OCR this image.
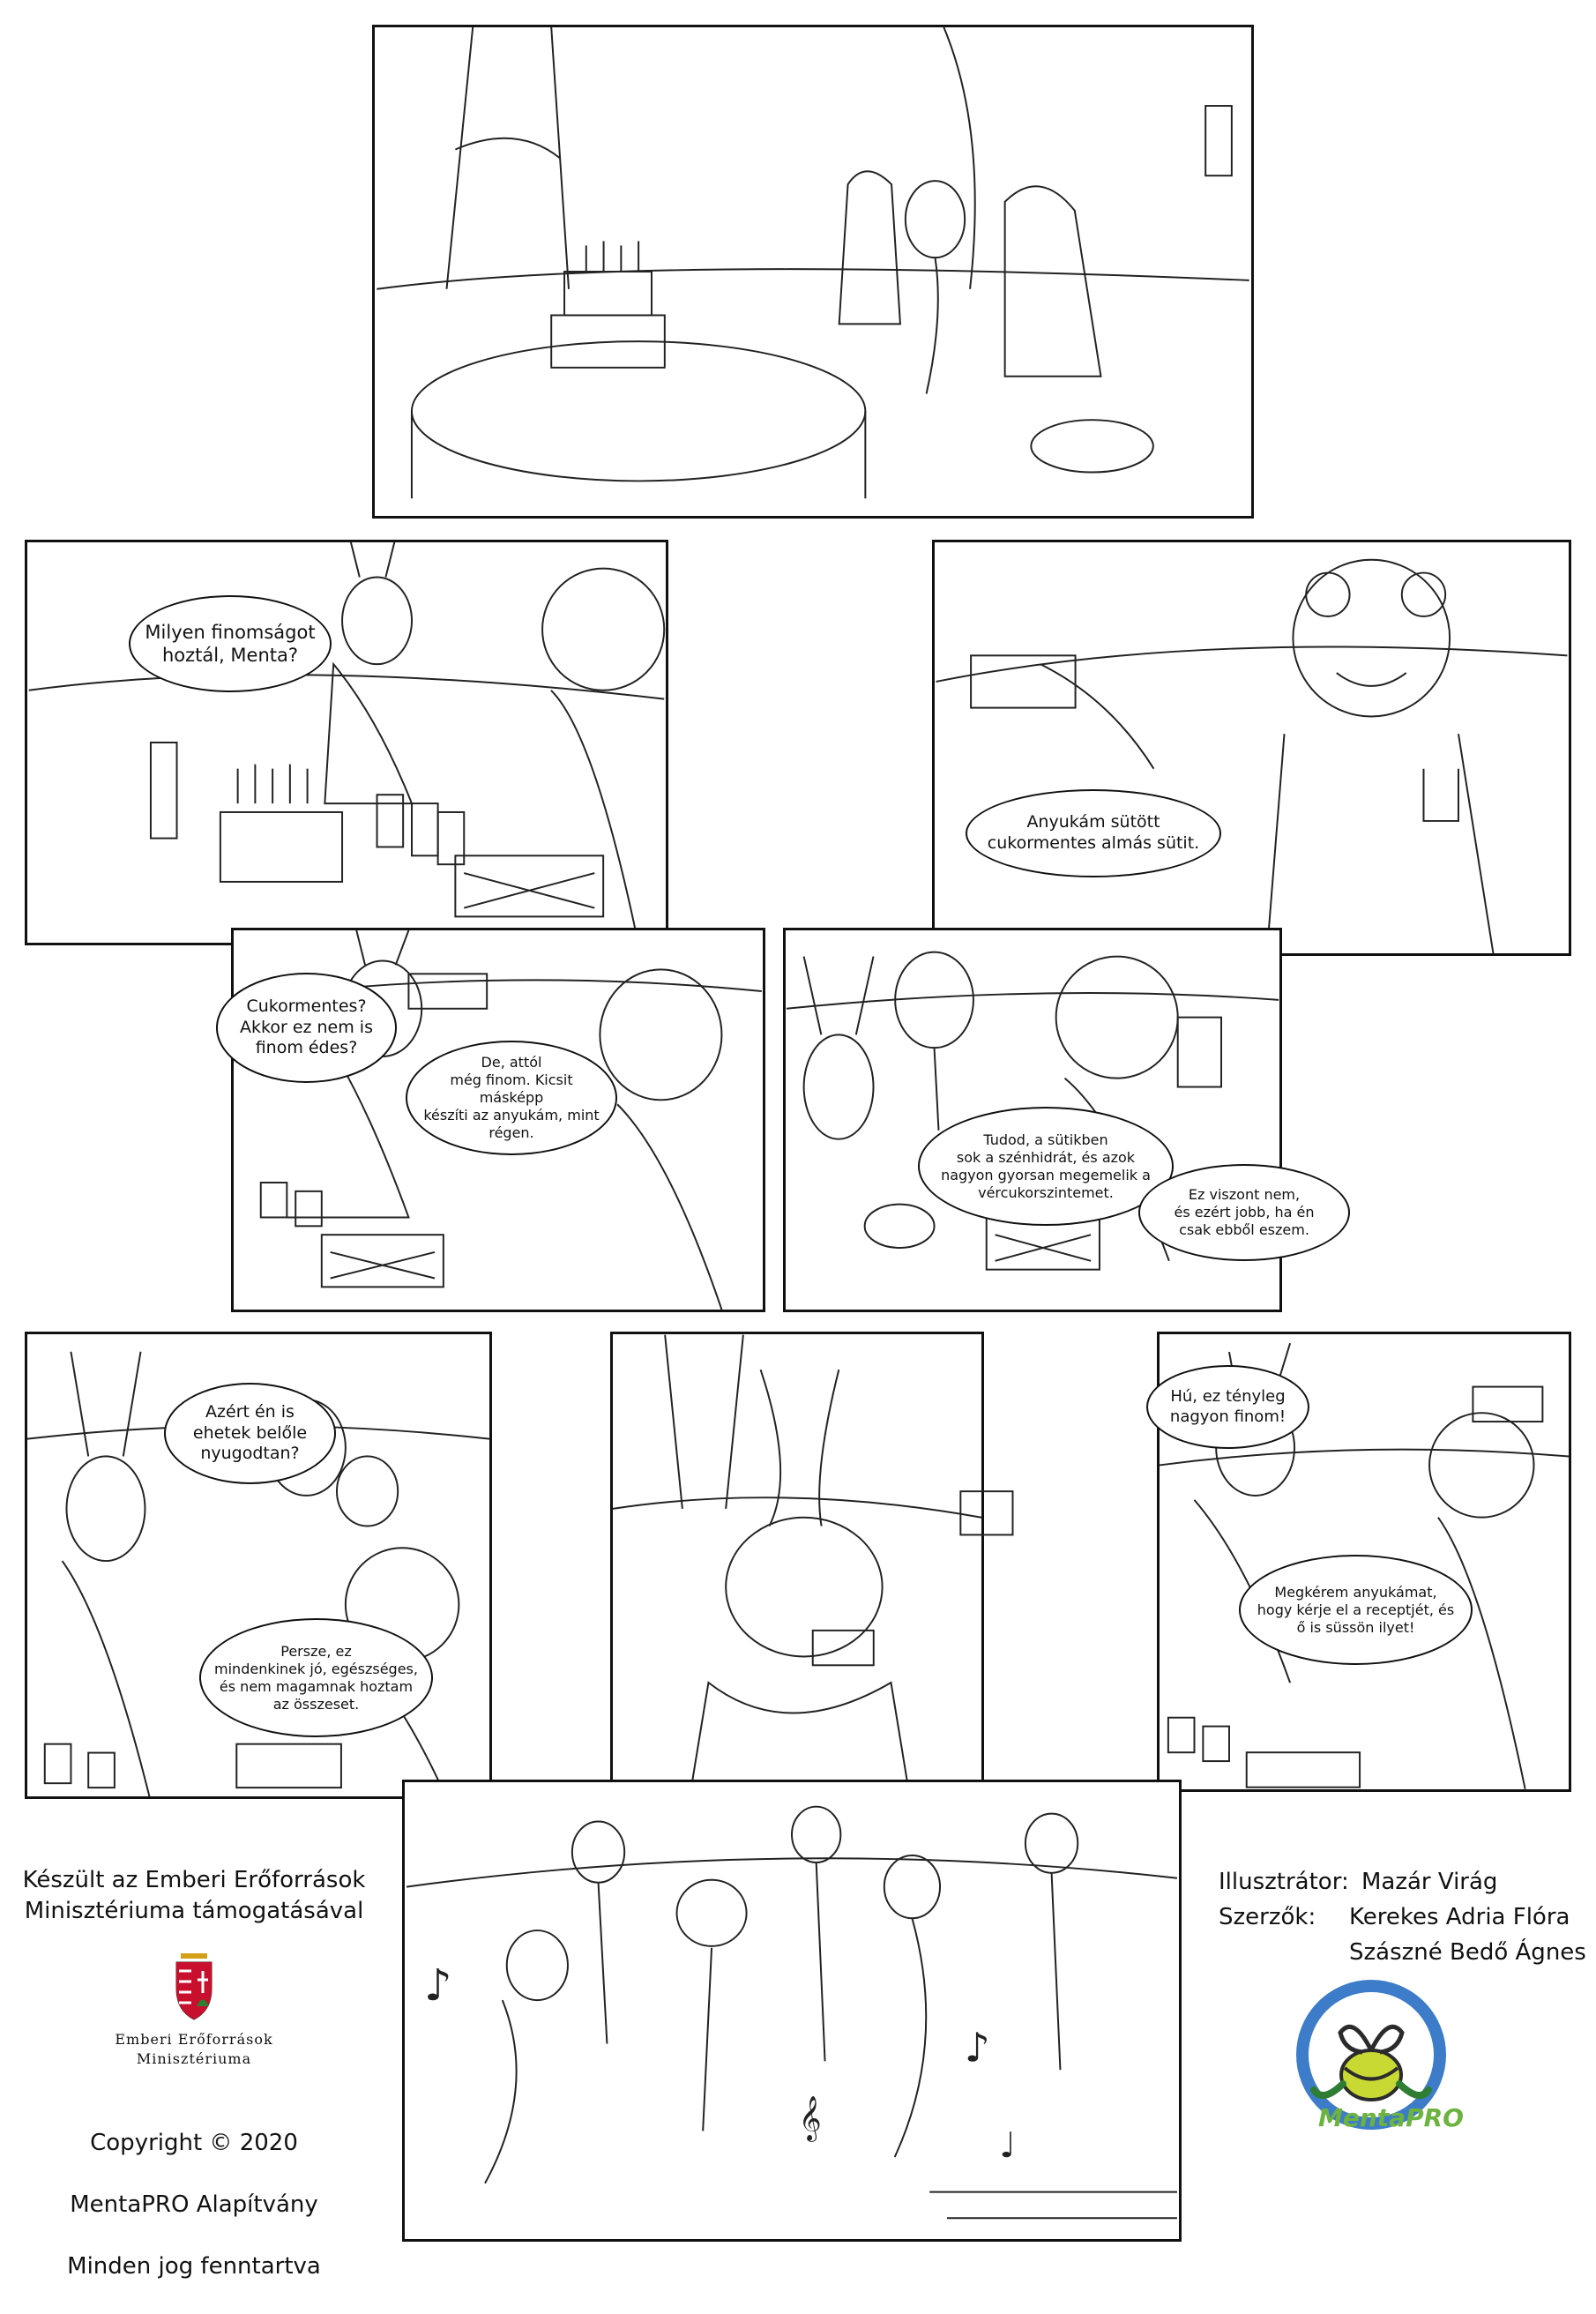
Milyen finomságot
hoztál, Menta?
Anyukám sütött
cukormentes almás sütit.
Cukormentes?
Akkor ez nem is
finom édes?
De, attól
még finom. Kicsit másképp
készíti az anyukám, mint
régen.	Tudod, a sütikben
sok a szénhidrát, és azok
nagyon gyorsan megemelik a
vércukorszintemet.	Ez viszont nem,
és ezért jobb, ha én
csak ebből eszem.
Azért én is
ehetek belőle
nyugodtan?
Persze, ez
mindenkinek jó, egészséges,
és nem magamnak hoztam
az összeset.
Hú, ez tényleg
nagyon finom!
Megkérem anyukámat,
hogy kérje el a receptjét, és
ő is süssön ilyet!
♪
♪
𝄞
♩
Készült az Emberi Erőforrások
Minisztériuma támogatásával
Emberi Erőforrások
Minisztériuma

Copyright © 2020

MentaPRO Alapítvány

Minden jog fenntartva

Illusztrátor: Mazár Virág
Szerzők: Kerekes Adria Flóra
Szászné Bedő Ágnes
MentaPRO
